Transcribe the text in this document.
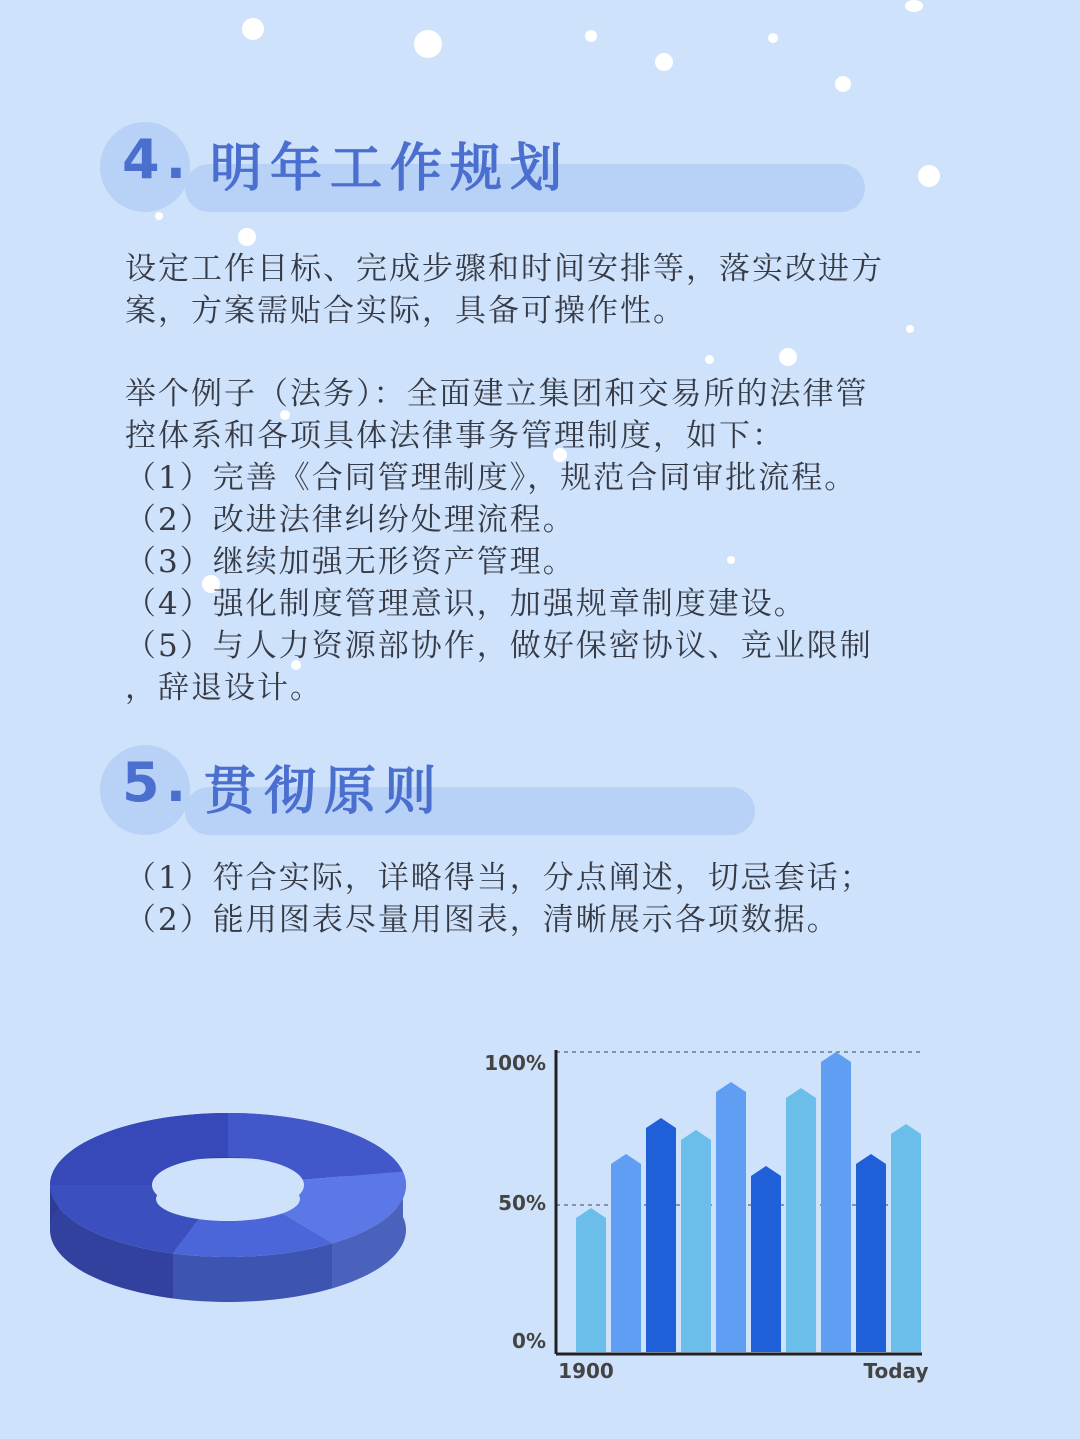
4. 明年工作规划
设定工作目标、完成步骤和时间安排等，落实改进方
案，方案需贴合实际，具备可操作性。
举个例子（法务）：全面建立集团和交易所的法律管
控体系和各项具体法律事务管理制度，如下：
（1）完善《合同管理制度》，规范合同审批流程。
（2）改进法律纠纷处理流程。
（3）继续加强无形资产管理。
（4）强化制度管理意识，加强规章制度建设。
（5）与人力资源部协作，做好保密协议、竞业限制
，辞退设计。
5. 贯彻原则
（1）符合实际，详略得当，分点阐述，切忌套话；
（2）能用图表尽量用图表，清晰展示各项数据。
100%
50%
0%
1900	Today
